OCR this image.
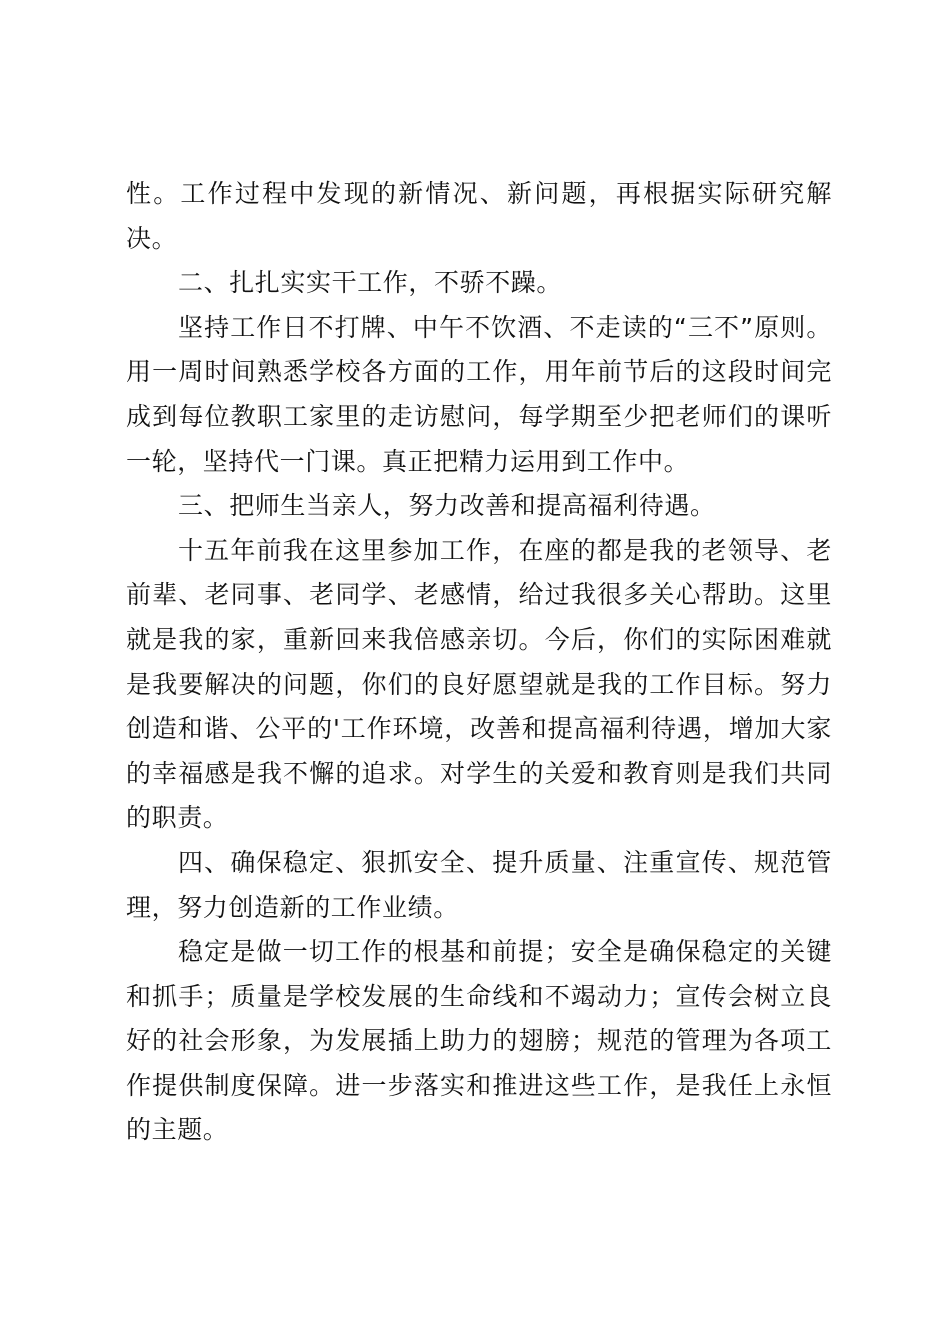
性。工作过程中发现的新情况、新问题，再根据实际研究解决。

二、扎扎实实干工作，不骄不躁。

坚持工作日不打牌、中午不饮酒、不走读的“三不”原则。用一周时间熟悉学校各方面的工作，用年前节后的这段时间完成到每位教职工家里的走访慰问，每学期至少把老师们的课听一轮，坚持代一门课。真正把精力运用到工作中。

三、把师生当亲人，努力改善和提高福利待遇。

十五年前我在这里参加工作，在座的都是我的老领导、老前辈、老同事、老同学、老感情，给过我很多关心帮助。这里就是我的家，重新回来我倍感亲切。今后，你们的实际困难就是我要解决的问题，你们的良好愿望就是我的工作目标。努力创造和谐、公平的'工作环境，改善和提高福利待遇，增加大家的幸福感是我不懈的追求。对学生的关爱和教育则是我们共同的职责。

四、确保稳定、狠抓安全、提升质量、注重宣传、规范管理，努力创造新的工作业绩。

稳定是做一切工作的根基和前提；安全是确保稳定的关键和抓手；质量是学校发展的生命线和不竭动力；宣传会树立良好的社会形象，为发展插上助力的翅膀；规范的管理为各项工作提供制度保障。进一步落实和推进这些工作，是我任上永恒的主题。
